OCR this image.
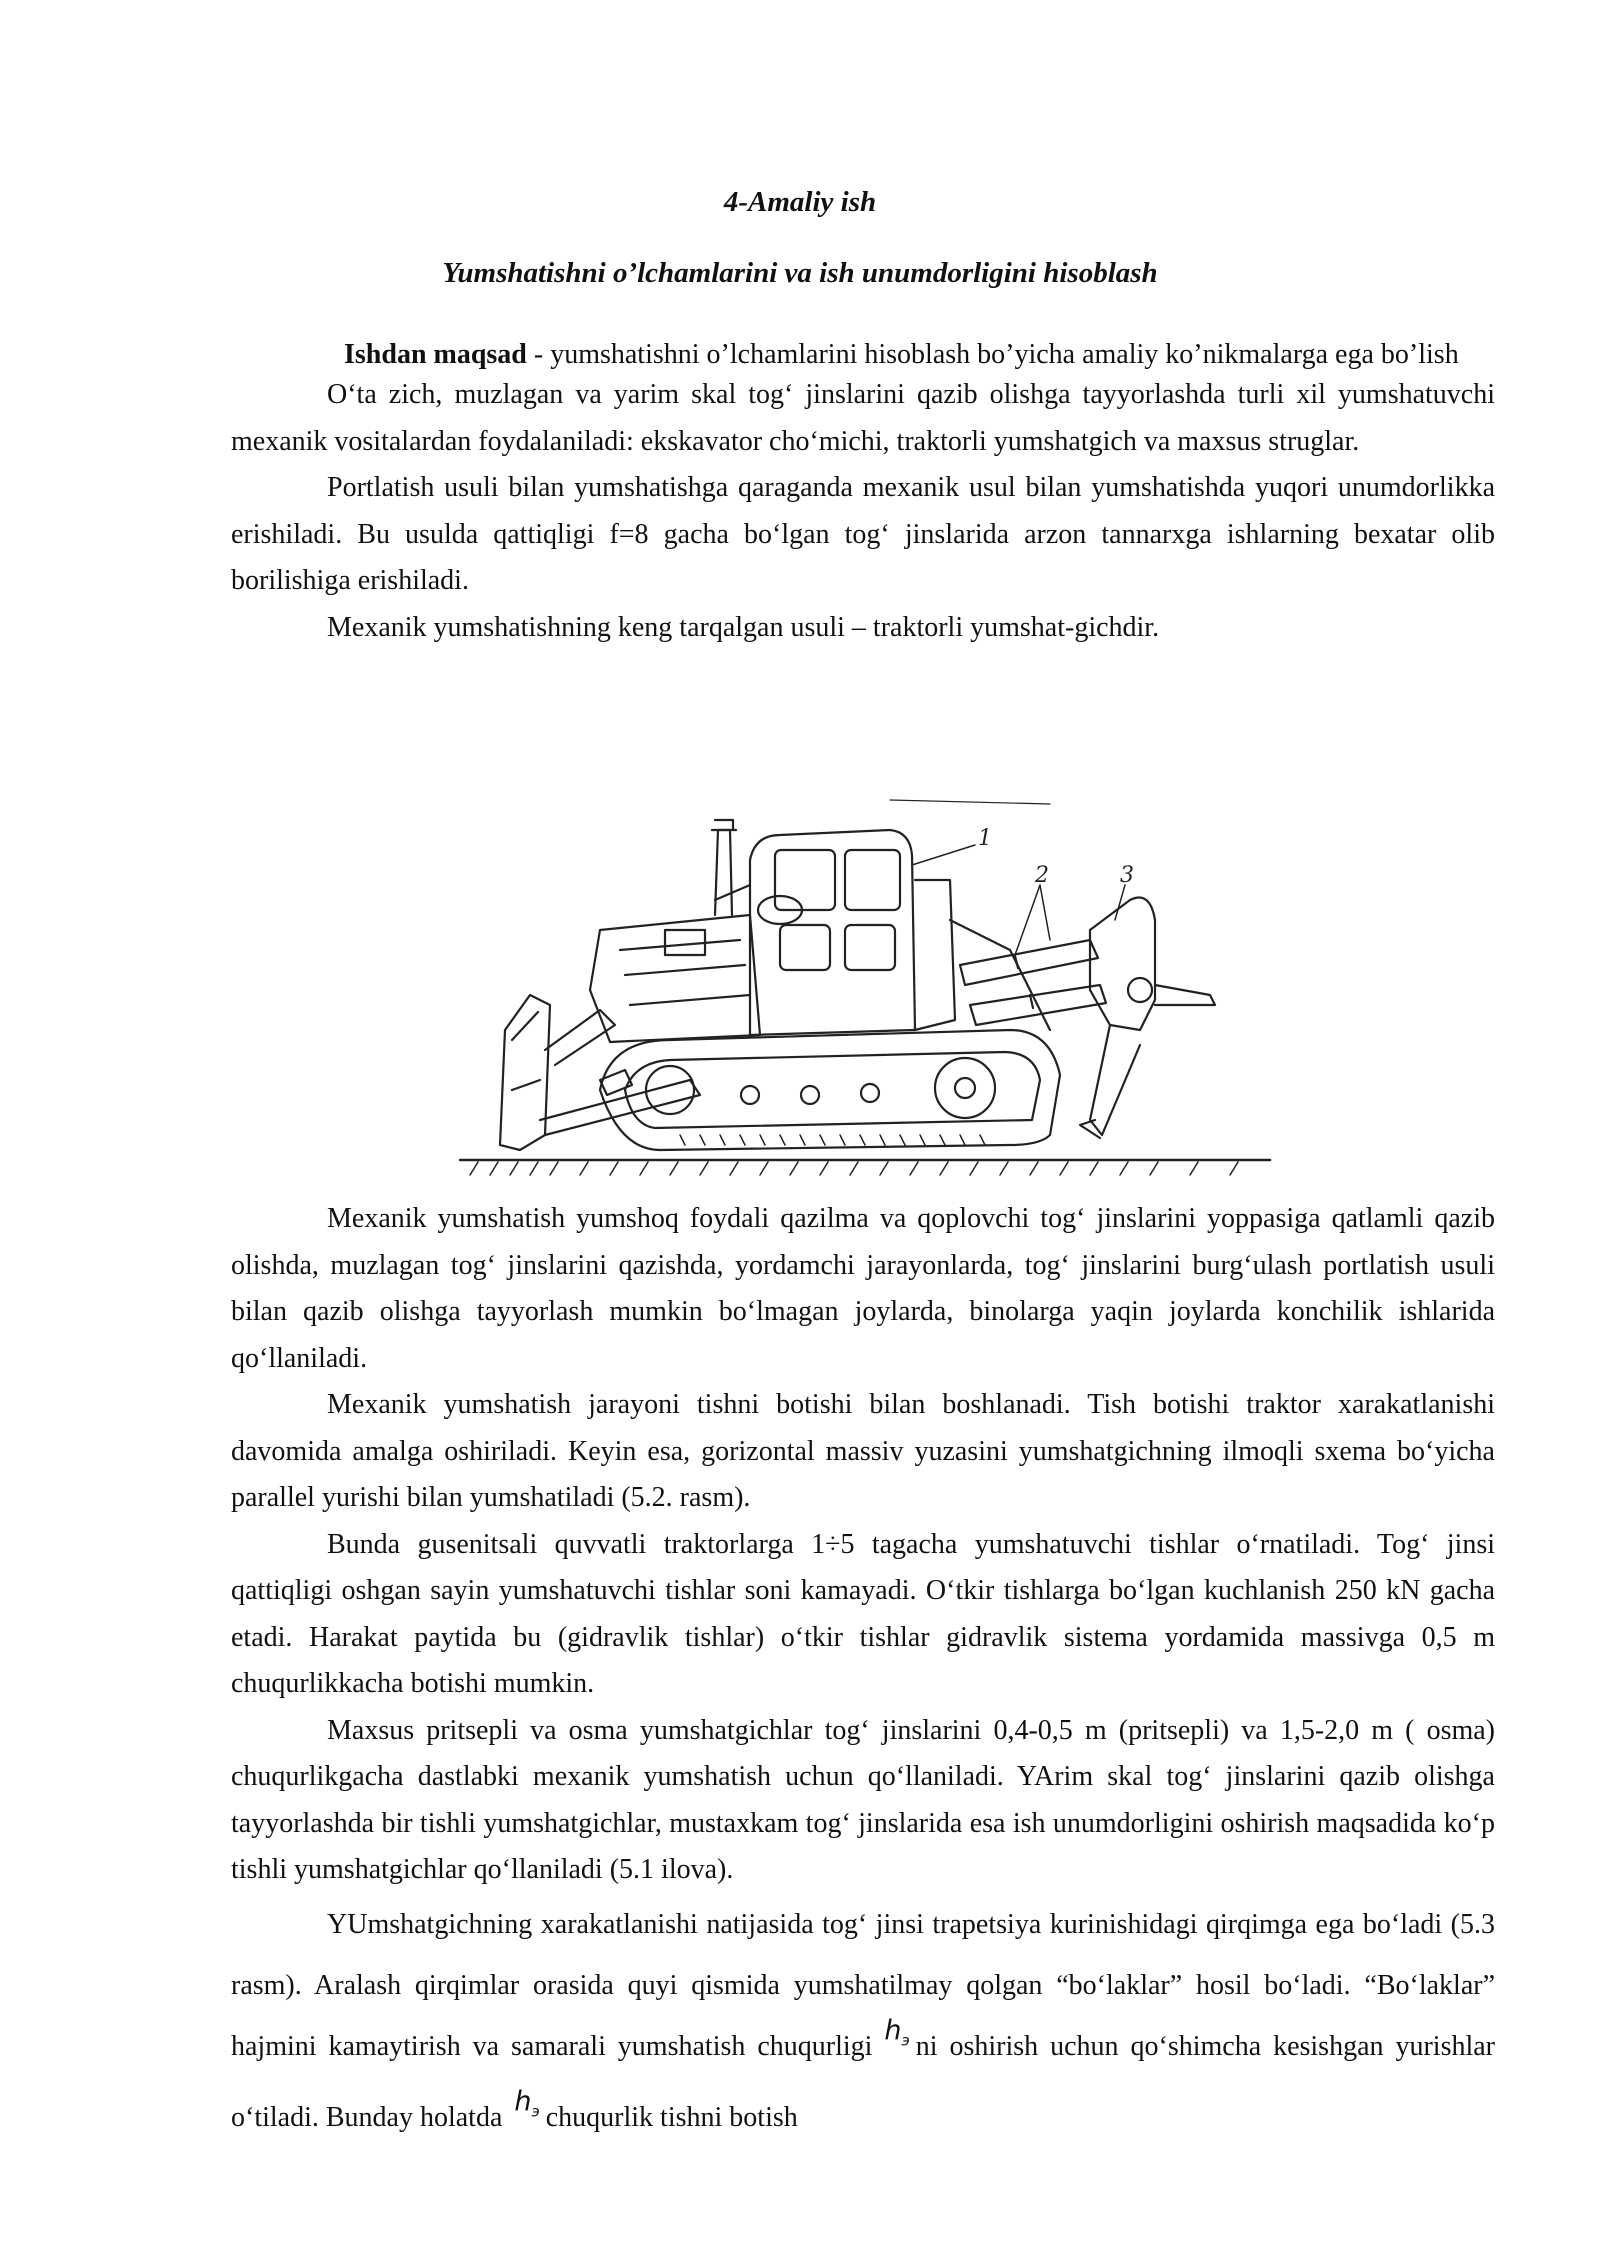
4-Amaliy ish
Yumshatishni o’lchamlarini va ish unumdorligini hisoblash

Ishdan maqsad - yumshatishni o’lchamlarini hisoblash bo’yicha amaliy ko’nikmalarga ega bo’lish

O‘ta zich, muzlagan va yarim skal tog‘ jinslarini qazib olishga tayyorlashda turli xil yumshatuvchi mexanik vositalardan foydalaniladi: ekskavator cho‘michi, traktorli yumshatgich va maxsus struglar.

Portlatish usuli bilan yumshatishga qaraganda mexanik usul bilan yumshatishda yuqori unumdorlikka erishiladi. Bu usulda qattiqligi f=8 gacha bo‘lgan tog‘ jinslarida arzon tannarxga ishlarning bexatar olib borilishiga erishiladi.

Mexanik yumshatishning keng tarqalgan usuli – traktorli yumshat-gichdir.

1
2	3

Mexanik yumshatish yumshoq foydali qazilma va qoplovchi tog‘ jinslarini yoppasiga qatlamli qazib olishda, muzlagan tog‘ jinslarini qazishda, yordamchi jarayonlarda, tog‘ jinslarini burg‘ulash portlatish usuli bilan qazib olishga tayyorlash mumkin bo‘lmagan joylarda, binolarga yaqin joylarda konchilik ishlarida qo‘llaniladi.

Mexanik yumshatish jarayoni tishni botishi bilan boshlanadi. Tish botishi traktor xarakatlanishi davomida amalga oshiriladi. Keyin esa, gorizontal massiv yuzasini yumshatgichning ilmoqli sxema bo‘yicha parallel yurishi bilan yumshatiladi (5.2. rasm).

Bunda gusenitsali quvvatli traktorlarga 1÷5 tagacha yumshatuvchi tishlar o‘rnatiladi. Tog‘ jinsi qattiqligi oshgan sayin yumshatuvchi tishlar soni kamayadi. O‘tkir tishlarga bo‘lgan kuchlanish 250 kN gacha etadi. Harakat paytida bu (gidravlik tishlar) o‘tkir tishlar gidravlik sistema yordamida massivga 0,5 m chuqurlikkacha botishi mumkin.

Maxsus pritsepli va osma yumshatgichlar tog‘ jinslarini 0,4-0,5 m (pritsepli) va 1,5-2,0 m ( osma) chuqurlikgacha dastlabki mexanik yumshatish uchun qo‘llaniladi. YArim skal tog‘ jinslarini qazib olishga tayyorlashda bir tishli yumshatgichlar, mustaxkam tog‘ jinslarida esa ish unumdorligini oshirish maqsadida ko‘p tishli yumshatgichlar qo‘llaniladi (5.1 ilova).

YUmshatgichning xarakatlanishi natijasida tog‘ jinsi trapetsiya kurinishidagi qirqimga ega bo‘ladi (5.3 rasm). Aralash qirqimlar orasida quyi qismida yumshatilmay qolgan “bo‘laklar” hosil bo‘ladi. “Bo‘laklar” hajmini kamaytirish va samarali yumshatish chuqurligih$_э$ ni oshirish uchun qo‘shimcha kesishgan yurishlar o‘tiladi. Bunday holatdah$_э$ chuqurlik tishni botish
